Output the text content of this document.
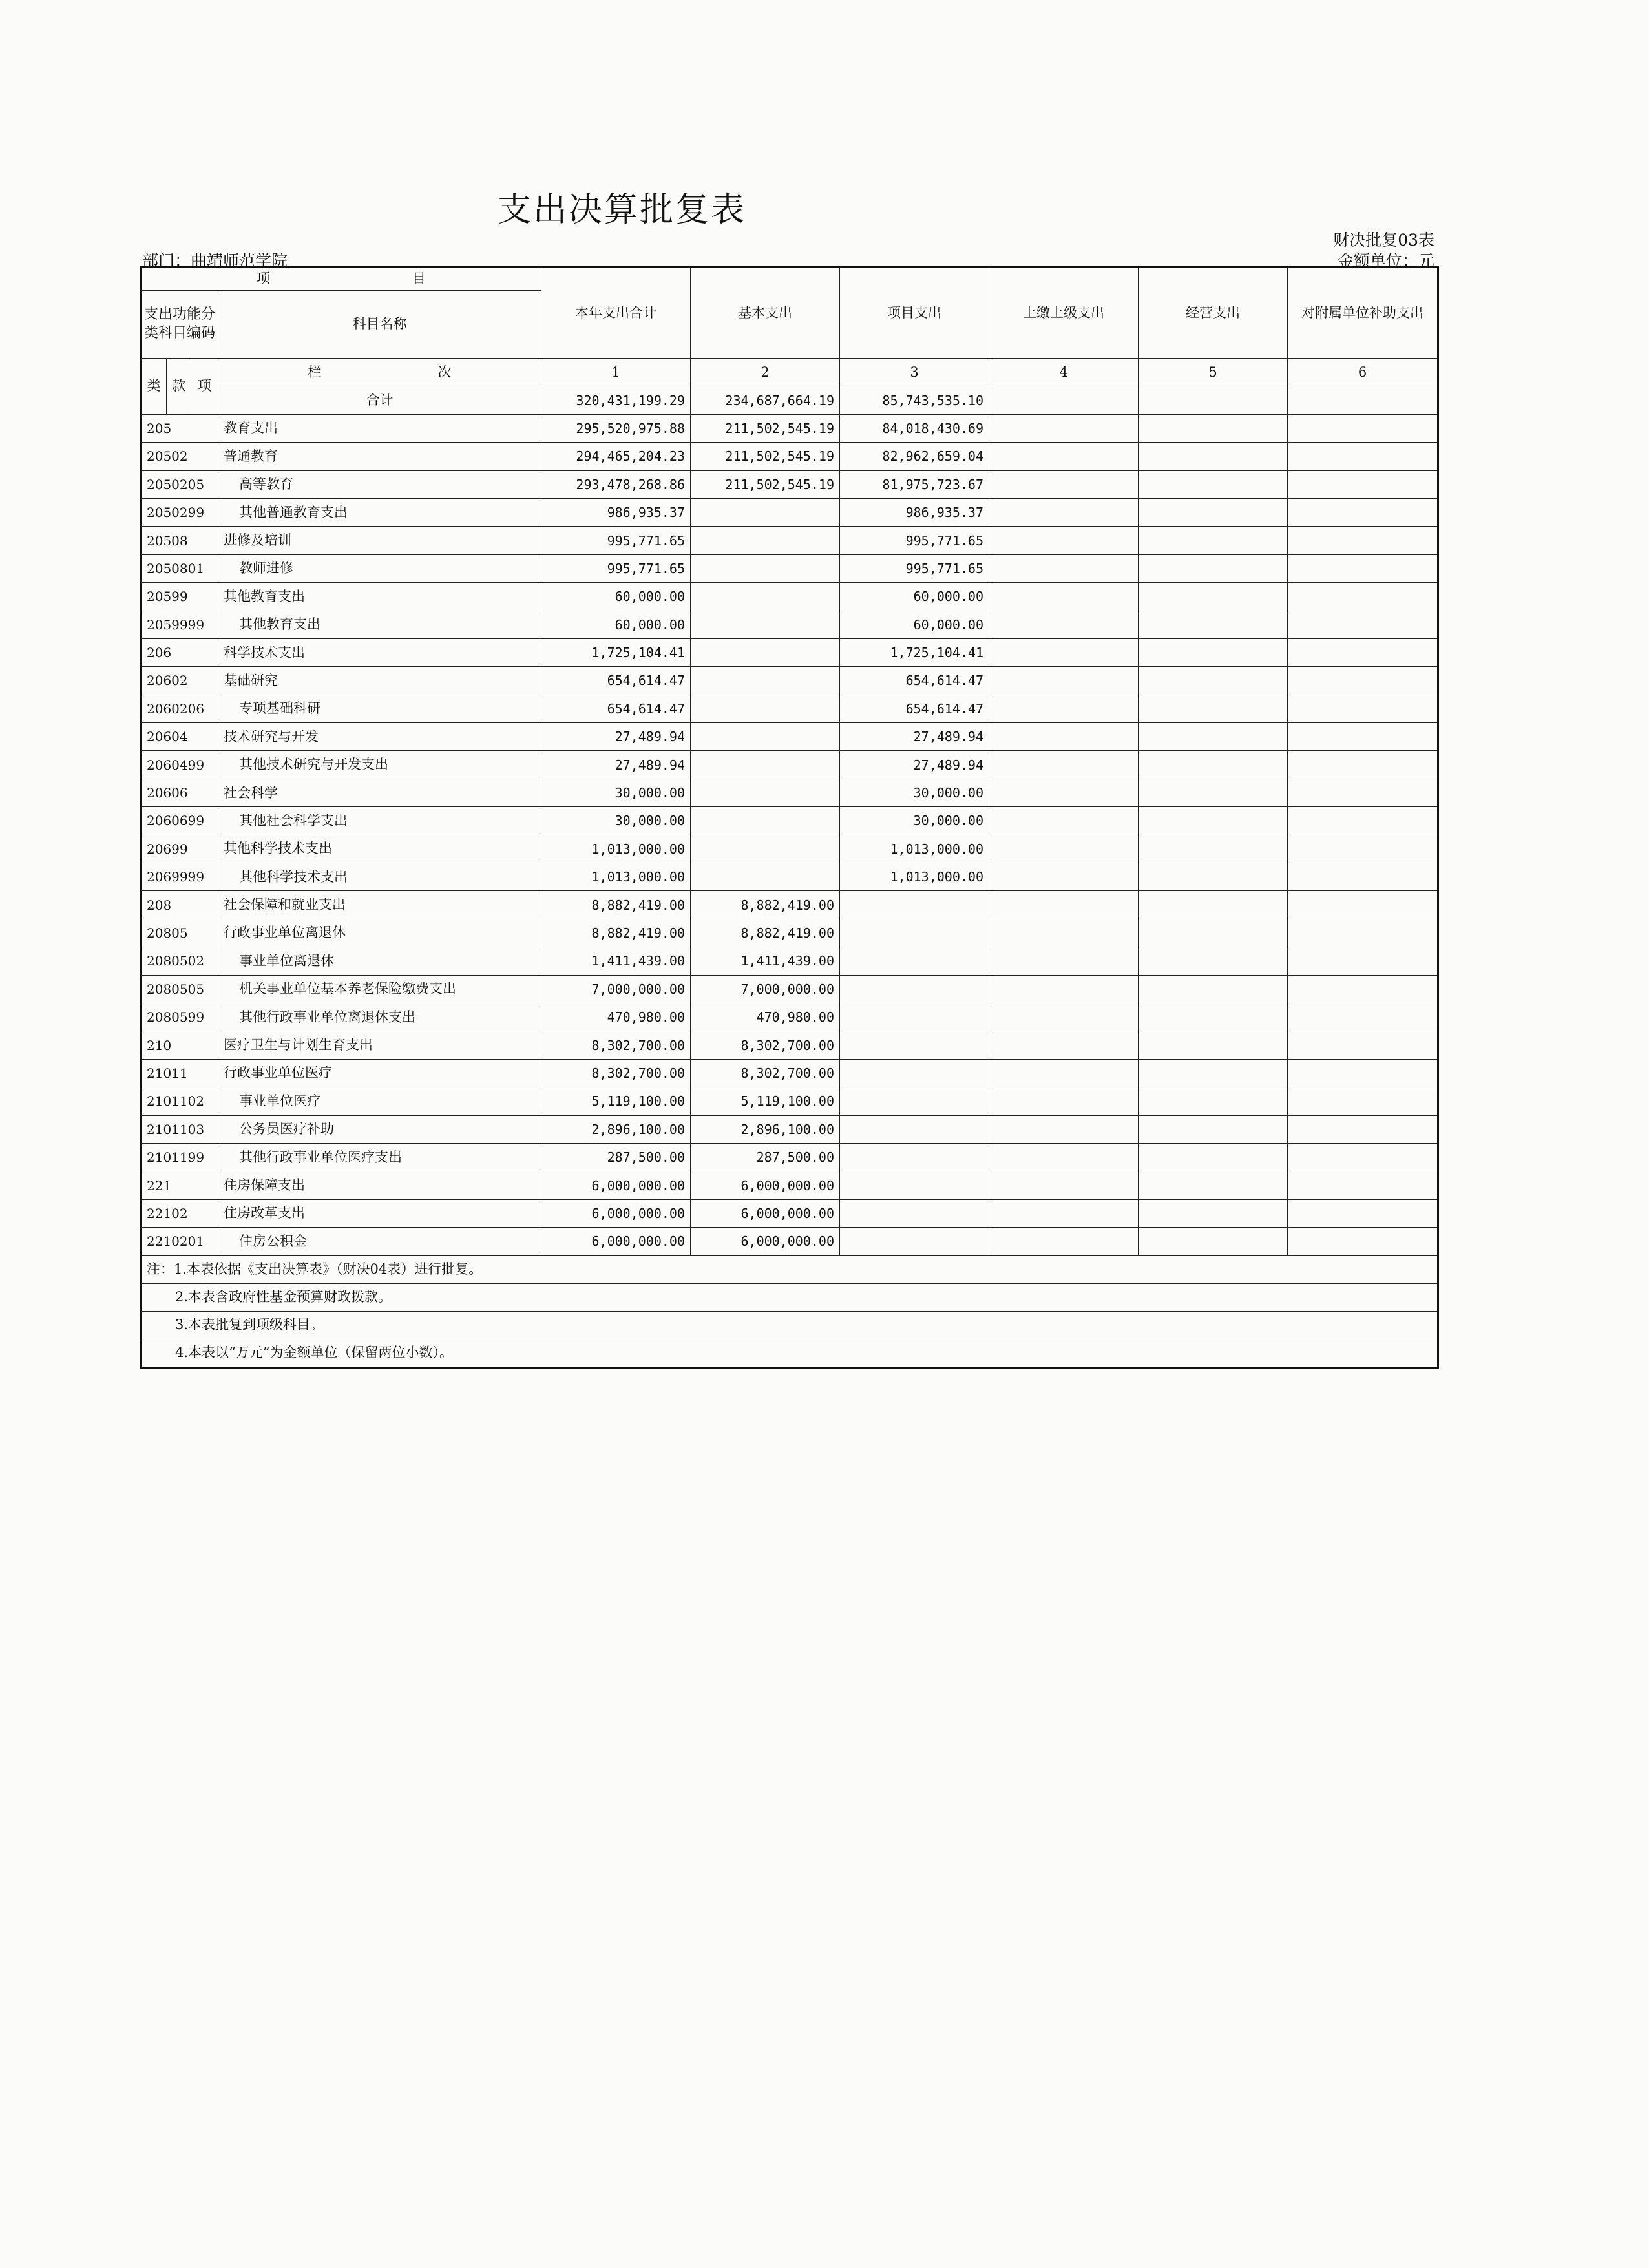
支出决算批复表
财决批复03表
金额单位：元
部门：曲靖师范学院
项 目				本年支出合计	基本支出	项目支出	上缴上级支出	经营支出	对附属单位补助支出
支出功能分类科目编码			科目名称						
类	款	项	栏 次	1	2	3	4	5	6
			合计	320,431,199.29	234,687,664.19	85,743,535.10			
205			教育支出	295,520,975.88	211,502,545.19	84,018,430.69			
20502			普通教育	294,465,204.23	211,502,545.19	82,962,659.04			
2050205			高等教育	293,478,268.86	211,502,545.19	81,975,723.67			
2050299			其他普通教育支出	986,935.37		986,935.37			
20508			进修及培训	995,771.65		995,771.65			
2050801			教师进修	995,771.65		995,771.65			
20599			其他教育支出	60,000.00		60,000.00			
2059999			其他教育支出	60,000.00		60,000.00			
206			科学技术支出	1,725,104.41		1,725,104.41			
20602			基础研究	654,614.47		654,614.47			
2060206			专项基础科研	654,614.47		654,614.47			
20604			技术研究与开发	27,489.94		27,489.94			
2060499			其他技术研究与开发支出	27,489.94		27,489.94			
20606			社会科学	30,000.00		30,000.00			
2060699			其他社会科学支出	30,000.00		30,000.00			
20699			其他科学技术支出	1,013,000.00		1,013,000.00			
2069999			其他科学技术支出	1,013,000.00		1,013,000.00			
208			社会保障和就业支出	8,882,419.00	8,882,419.00				
20805			行政事业单位离退休	8,882,419.00	8,882,419.00				
2080502			事业单位离退休	1,411,439.00	1,411,439.00				
2080505			机关事业单位基本养老保险缴费支出	7,000,000.00	7,000,000.00				
2080599			其他行政事业单位离退休支出	470,980.00	470,980.00				
210			医疗卫生与计划生育支出	8,302,700.00	8,302,700.00				
21011			行政事业单位医疗	8,302,700.00	8,302,700.00				
2101102			事业单位医疗	5,119,100.00	5,119,100.00				
2101103			公务员医疗补助	2,896,100.00	2,896,100.00				
2101199			其他行政事业单位医疗支出	287,500.00	287,500.00				
221			住房保障支出	6,000,000.00	6,000,000.00				
22102			住房改革支出	6,000,000.00	6,000,000.00				
2210201			住房公积金	6,000,000.00	6,000,000.00				
注：1.本表依据《支出决算表》（财决04表）进行批复。									
2.本表含政府性基金预算财政拨款。									
3.本表批复到项级科目。									
4.本表以“万元”为金额单位（保留两位小数）。									
